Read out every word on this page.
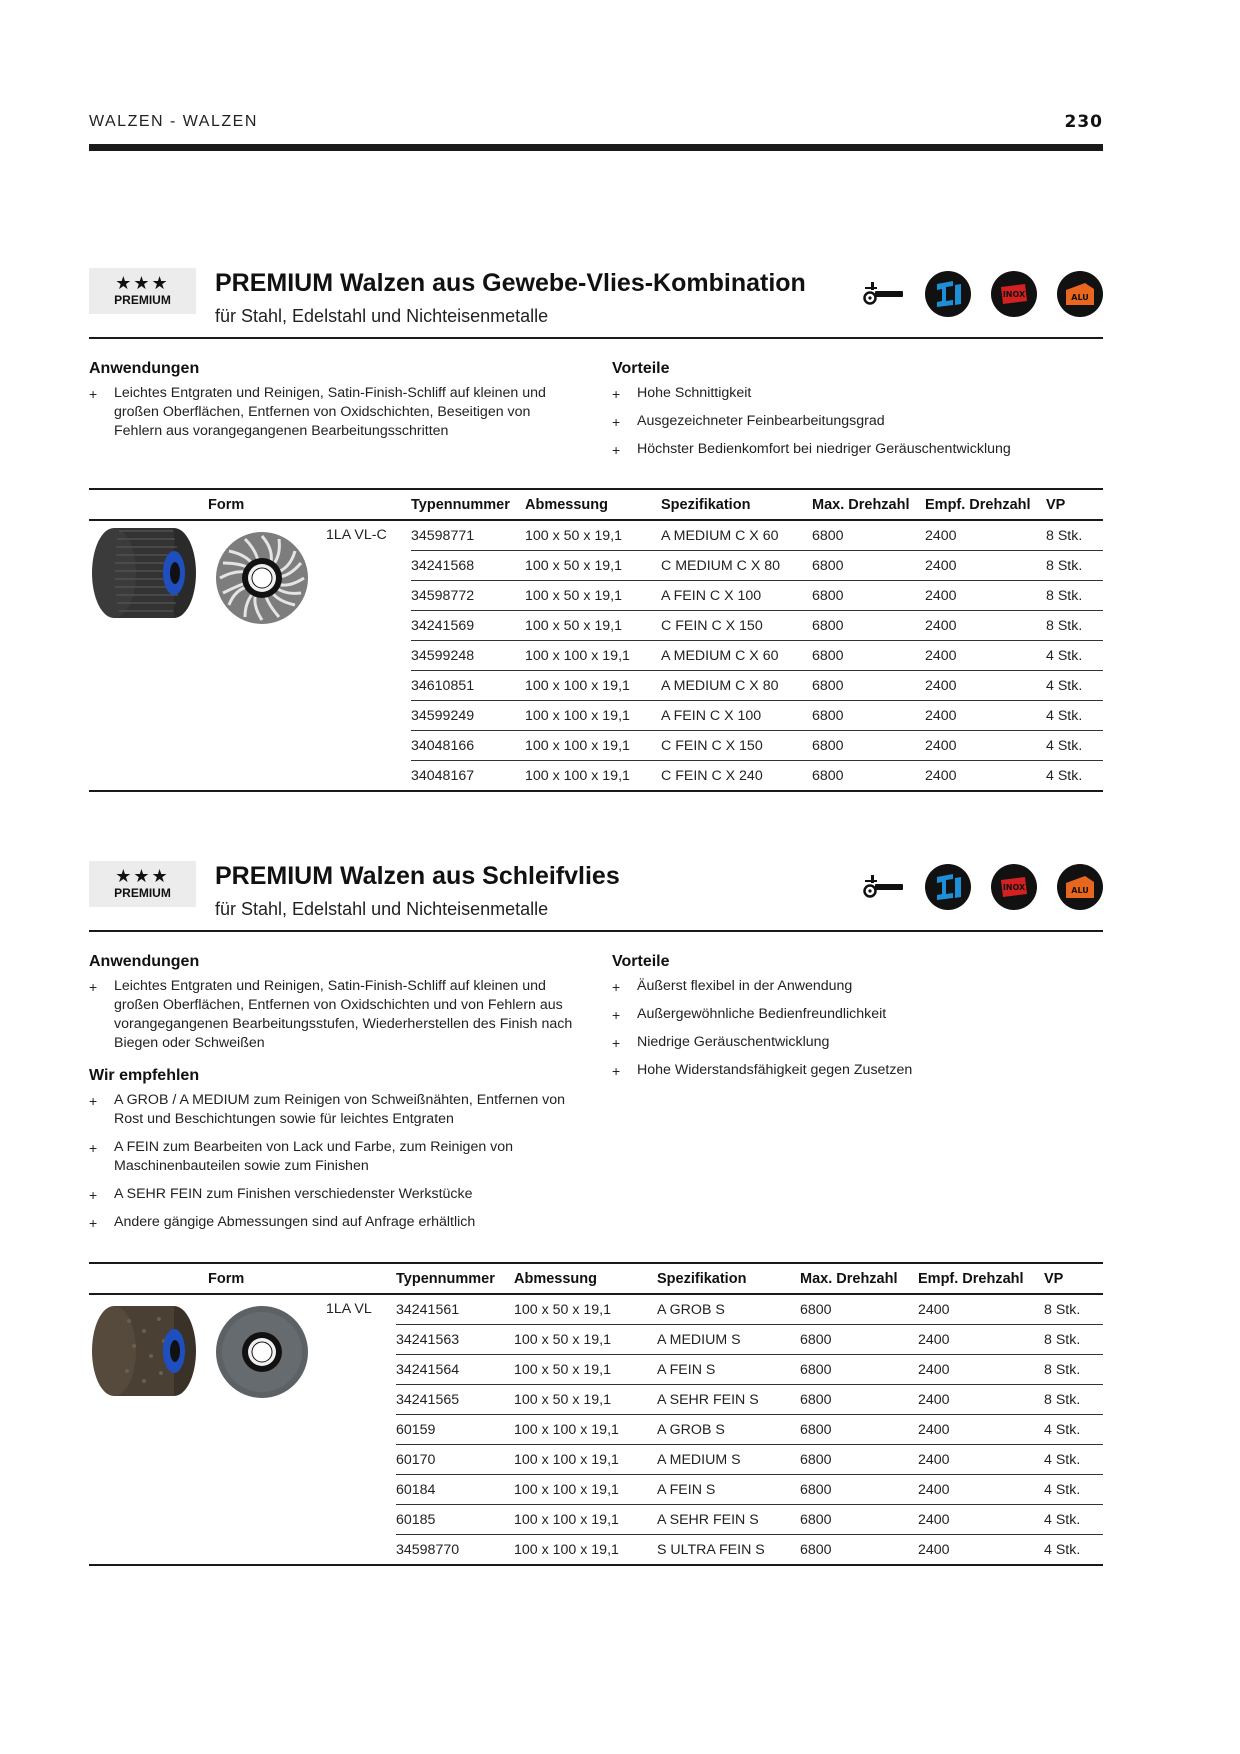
WALZEN - WALZEN	230
★★★
PREMIUM
PREMIUM Walzen aus Gewebe-Vlies-Kombination
für Stahl, Edelstahl und Nichteisenmetalle
INOX	ALU
Anwendungen
+ Leichtes Entgraten und Reinigen, Satin-Finish-Schliff auf kleinen und großen Oberflächen, Entfernen von Oxidschichten, Beseitigen von Fehlern aus vorangegangenen Bearbeitungsschritten
Vorteile
+ Hohe Schnittigkeit
+ Ausgezeichneter Feinbearbeitungsgrad
+ Höchster Bedienkomfort bei niedriger Geräuschentwicklung
Form	Typennummer	Abmessung	Spezifikation	Max. Drehzahl	Empf. Drehzahl	VP

1LA VL-C	34598771	100 x 50 x 19,1	A MEDIUM C X 60	6800	2400	8 Stk.
	34241568	100 x 50 x 19,1	C MEDIUM C X 80	6800	2400	8 Stk.
	34598772	100 x 50 x 19,1	A FEIN C X 100	6800	2400	8 Stk.
	34241569	100 x 50 x 19,1	C FEIN C X 150	6800	2400	8 Stk.
	34599248	100 x 100 x 19,1	A MEDIUM C X 60	6800	2400	4 Stk.
	34610851	100 x 100 x 19,1	A MEDIUM C X 80	6800	2400	4 Stk.
	34599249	100 x 100 x 19,1	A FEIN C X 100	6800	2400	4 Stk.
	34048166	100 x 100 x 19,1	C FEIN C X 150	6800	2400	4 Stk.
	34048167	100 x 100 x 19,1	C FEIN C X 240	6800	2400	4 Stk.
★★★
PREMIUM
PREMIUM Walzen aus Schleifvlies
für Stahl, Edelstahl und Nichteisenmetalle
INOX	ALU
Anwendungen
+ Leichtes Entgraten und Reinigen, Satin-Finish-Schliff auf kleinen und großen Oberflächen, Entfernen von Oxidschichten und von Fehlern aus vorangegangenen Bearbeitungsstufen, Wiederherstellen des Finish nach Biegen oder Schweißen
Wir empfehlen
+ A GROB / A MEDIUM zum Reinigen von Schweißnähten, Entfernen von Rost und Beschichtungen sowie für leichtes Entgraten
+ A FEIN zum Bearbeiten von Lack und Farbe, zum Reinigen von Maschinenbauteilen sowie zum Finishen
+ A SEHR FEIN zum Finishen verschiedenster Werkstücke
+ Andere gängige Abmessungen sind auf Anfrage erhältlich
Vorteile
+ Äußerst flexibel in der Anwendung
+ Außergewöhnliche Bedienfreundlichkeit
+ Niedrige Geräuschentwicklung
+ Hohe Widerstandsfähigkeit gegen Zusetzen
Form	Typennummer	Abmessung	Spezifikation	Max. Drehzahl	Empf. Drehzahl	VP

1LA VL	34241561	100 x 50 x 19,1	A GROB S	6800	2400	8 Stk.
	34241563	100 x 50 x 19,1	A MEDIUM S	6800	2400	8 Stk.
	34241564	100 x 50 x 19,1	A FEIN S	6800	2400	8 Stk.
	34241565	100 x 50 x 19,1	A SEHR FEIN S	6800	2400	8 Stk.
	60159	100 x 100 x 19,1	A GROB S	6800	2400	4 Stk.
	60170	100 x 100 x 19,1	A MEDIUM S	6800	2400	4 Stk.
	60184	100 x 100 x 19,1	A FEIN S	6800	2400	4 Stk.
	60185	100 x 100 x 19,1	A SEHR FEIN S	6800	2400	4 Stk.
	34598770	100 x 100 x 19,1	S ULTRA FEIN S	6800	2400	4 Stk.
